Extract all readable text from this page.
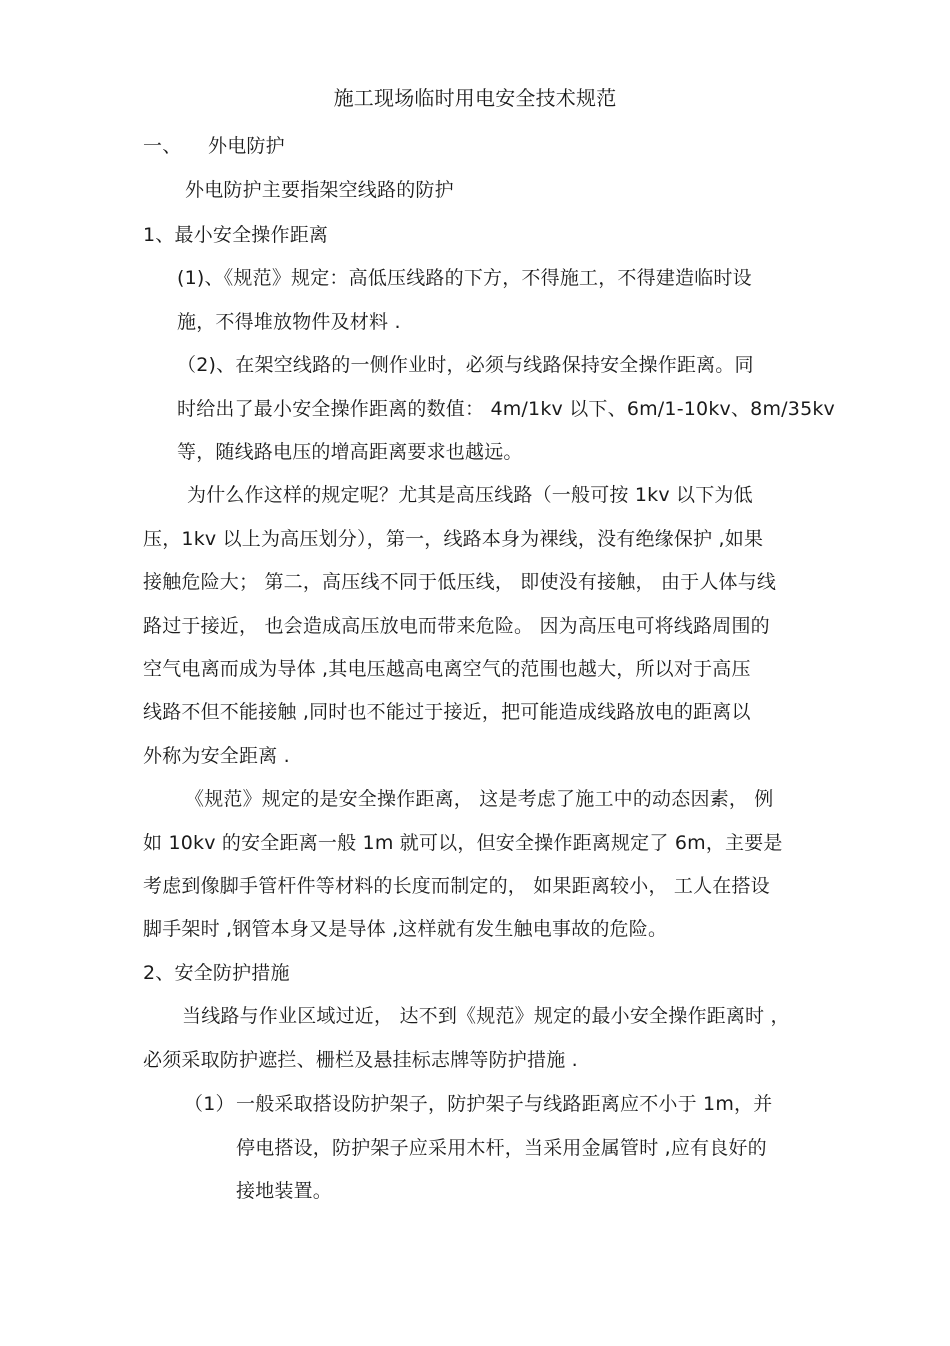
施工现场临时用电安全技术规范
一、 外电防护
外电防护主要指架空线路的防护
1、最小安全操作距离
(1)、《规范》规定：高低压线路的下方，不得施工，不得建造临时设
施，不得堆放物件及材料 .
（2)、在架空线路的一侧作业时，必须与线路保持安全操作距离。同
时给出了最小安全操作距离的数值： 4m/1kv 以下、6m/1-10kv、8m/35kv
等，随线路电压的增高距离要求也越远。
为什么作这样的规定呢？尤其是高压线路（一般可按 1kv 以下为低
压，1kv 以上为高压划分），第一，线路本身为裸线，没有绝缘保护 ,如果
接触危险大； 第二，高压线不同于低压线， 即使没有接触， 由于人体与线
路过于接近， 也会造成高压放电而带来危险。 因为高压电可将线路周围的
空气电离而成为导体 ,其电压越高电离空气的范围也越大，所以对于高压
线路不但不能接触 ,同时也不能过于接近，把可能造成线路放电的距离以
外称为安全距离 .
《规范》规定的是安全操作距离， 这是考虑了施工中的动态因素， 例
如 10kv 的安全距离一般 1m 就可以，但安全操作距离规定了 6m，主要是
考虑到像脚手管杆件等材料的长度而制定的， 如果距离较小， 工人在搭设
脚手架时 ,钢管本身又是导体 ,这样就有发生触电事故的危险。
2、安全防护措施
当线路与作业区域过近， 达不到《规范》规定的最小安全操作距离时 ，
必须采取防护遮拦、栅栏及悬挂标志牌等防护措施 .
（1） 一般采取搭设防护架子，防护架子与线路距离应不小于 1m，并
停电搭设，防护架子应采用木杆，当采用金属管时 ,应有良好的
接地装置。
